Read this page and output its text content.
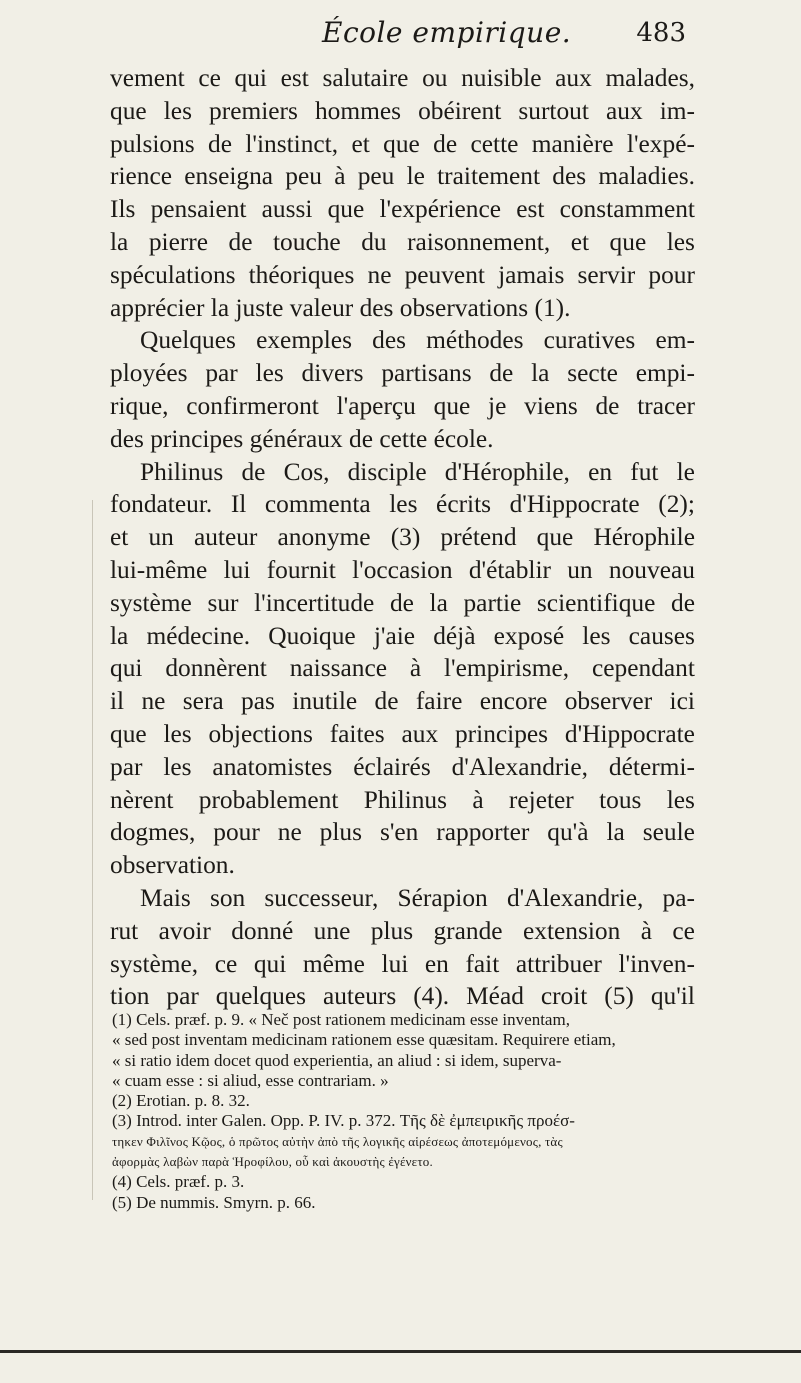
École empirique.	483
vement ce qui est salutaire ou nuisible aux malades,
que les premiers hommes obéirent surtout aux im-
pulsions de l'instinct, et que de cette manière l'expé-
rience enseigna peu à peu le traitement des maladies.
Ils pensaient aussi que l'expérience est constamment
la pierre de touche du raisonnement, et que les
spéculations théoriques ne peuvent jamais servir pour
apprécier la juste valeur des observations (1).
Quelques exemples des méthodes curatives em-
ployées par les divers partisans de la secte empi-
rique, confirmeront l'aperçu que je viens de tracer
des principes généraux de cette école.
Philinus de Cos, disciple d'Hérophile, en fut le
fondateur. Il commenta les écrits d'Hippocrate (2);
et un auteur anonyme (3) prétend que Hérophile
lui-même lui fournit l'occasion d'établir un nouveau
système sur l'incertitude de la partie scientifique de
la médecine. Quoique j'aie déjà exposé les causes
qui donnèrent naissance à l'empirisme, cependant
il ne sera pas inutile de faire encore observer ici
que les objections faites aux principes d'Hippocrate
par les anatomistes éclairés d'Alexandrie, détermi-
nèrent probablement Philinus à rejeter tous les
dogmes, pour ne plus s'en rapporter qu'à la seule
observation.
Mais son successeur, Sérapion d'Alexandrie, pa-
rut avoir donné une plus grande extension à ce
système, ce qui même lui en fait attribuer l'inven-
tion par quelques auteurs (4). Méad croit (5) qu'il
(1) Cels. præf. p. 9. « Neč post rationem medicinam esse inventam,
« sed post inventam medicinam rationem esse quæsitam. Requirere etiam,
« si ratio idem docet quod experientia, an aliud : si idem, superva-
« cuam esse : si aliud, esse contrariam. »
(2) Erotian. p. 8. 32.
(3) Introd. inter Galen. Opp. P. IV. p. 372. Τῆς δὲ ἐμπειρικῆς προέσ-
τηκεν Φιλῖνος Κῷος, ὁ πρῶτος αὐτὴν ἀπὸ τῆς λογικῆς αἱρέσεως ἀποτεμόμενος, τὰς
ἀφορμὰς λαβὼν παρὰ Ἡροφίλου, οὗ καὶ ἀκουστὴς ἐγένετο.
(4) Cels. præf. p. 3.
(5) De nummis. Smyrn. p. 66.
